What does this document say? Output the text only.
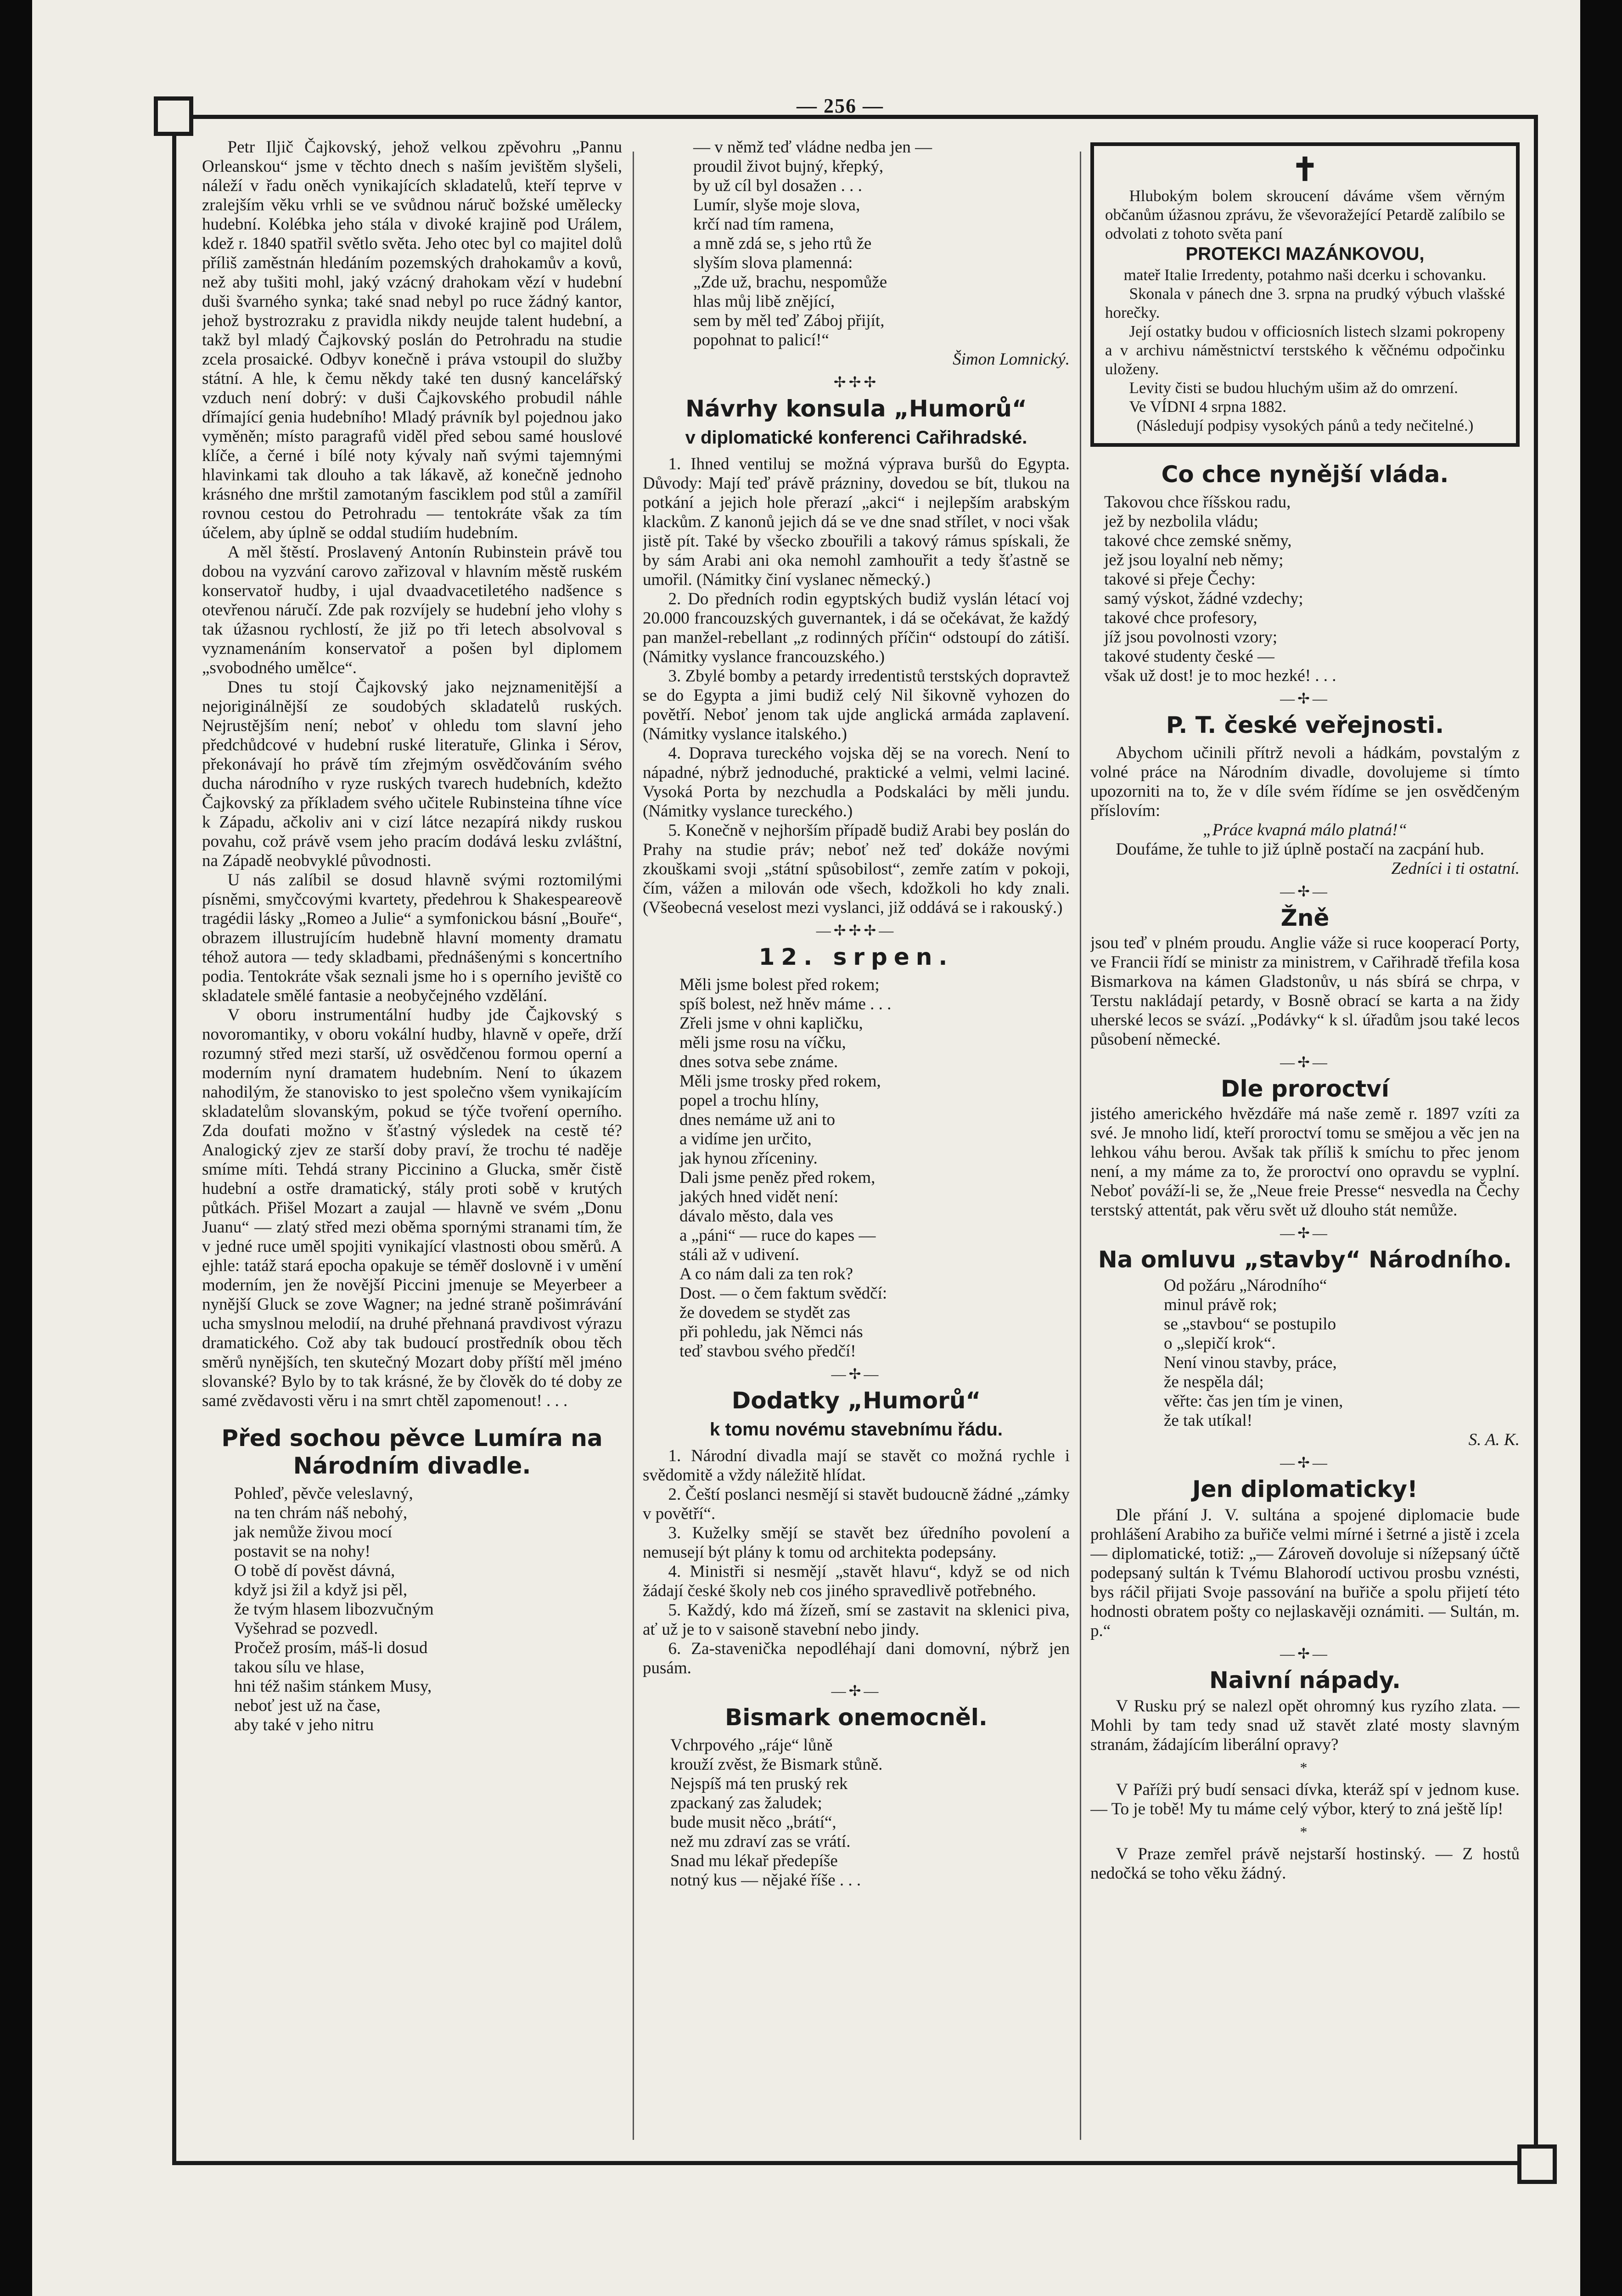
— 256 —

Petr Iljič Čajkovský, jehož velkou zpěvohru „Pannu Orleanskou“ jsme v těchto dnech s naším jevištěm slyšeli, náleží v řadu oněch vynikajících skladatelů, kteří teprve v zralejším věku vrhli se ve svůdnou náruč božské umělecky hudební. Kolébka jeho stála v divoké krajině pod Urálem, kdež r. 1840 spatřil světlo světa. Jeho otec byl co majitel dolů příliš zaměstnán hledáním pozemských drahokamův a kovů, než aby tušiti mohl, jaký vzácný drahokam vězí v hudební duši švarného synka; také snad nebyl po ruce žádný kantor, jehož bystrozraku z pravidla nikdy neujde talent hudební, a takž byl mladý Čajkovský poslán do Petrohradu na studie zcela prosaické. Odbyv konečně i práva vstoupil do služby státní. A hle, k čemu někdy také ten dusný kancelářský vzduch není dobrý: v duši Čajkovského probudil náhle dřímající genia hudebního! Mladý právník byl pojednou jako vyměněn; místo paragrafů viděl před sebou samé houslové klíče, a černé i bílé noty kývaly naň svými tajemnými hlavinkami tak dlouho a tak lákavě, až konečně jednoho krásného dne mrštil zamotaným fasciklem pod stůl a zamířil rovnou cestou do Petrohradu — tentokráte však za tím účelem, aby úplně se oddal studiím hudebním.

A měl štěstí. Proslavený Antonín Rubinstein právě tou dobou na vyzvání carovo zařizoval v hlavním městě ruském konservatoř hudby, i ujal dvaadvacetiletého nadšence s otevřenou náručí. Zde pak rozvíjely se hudební jeho vlohy s tak úžasnou rychlostí, že již po tři letech absolvoval s vyznamenáním konservatoř a pošen byl diplomem „svobodného umělce“.

Dnes tu stojí Čajkovský jako nejznamenitější a nejoriginálnější ze soudobých skladatelů ruských. Nejrustějším není; neboť v ohledu tom slavní jeho předchůdcové v hudební ruské literatuře, Glinka i Sérov, překonávají ho právě tím zřejmým osvědčováním svého ducha národního v ryze ruských tvarech hudebních, kdežto Čajkovský za příkladem svého učitele Rubinsteina tíhne více k Západu, ačkoliv ani v cizí látce nezapírá nikdy ruskou povahu, což právě vsem jeho pracím dodává lesku zvláštní, na Západě neobvyklé původnosti.

U nás zalíbil se dosud hlavně svými roztomilými písněmi, smyčcovými kvartety, předehrou k Shakespeareově tragédii lásky „Romeo a Julie“ a symfonickou básní „Bouře“, obrazem illustrujícím hudebně hlavní momenty dramatu téhož autora — tedy skladbami, přednášenými s koncertního podia. Tentokráte však seznali jsme ho i s operního jeviště co skladatele smělé fantasie a neobyčejného vzdělání.

V oboru instrumentální hudby jde Čajkovský s novoromantiky, v oboru vokální hudby, hlavně v opeře, drží rozumný střed mezi starší, už osvědčenou formou operní a moderním nyní dramatem hudebním. Není to úkazem nahodilým, že stanovisko to jest společno všem vynikajícím skladatelům slovanským, pokud se týče tvoření operního. Zda doufati možno v šťastný výsledek na cestě té? Analogický zjev ze starší doby praví, že trochu té naděje smíme míti. Tehdá strany Piccinino a Glucka, směr čistě hudební a ostře dramatický, stály proti sobě v krutých půtkách. Přišel Mozart a zaujal — hlavně ve svém „Donu Juanu“ — zlatý střed mezi oběma spornými stranami tím, že v jedné ruce uměl spojiti vynikající vlastnosti obou směrů. A ejhle: tatáž stará epocha opakuje se téměř doslovně i v umění moderním, jen že novější Piccini jmenuje se Meyerbeer a nynější Gluck se zove Wagner; na jedné straně pošimrávání ucha smyslnou melodií, na druhé přehnaná pravdivost výrazu dramatického. Což aby tak budoucí prostředník obou těch směrů nynějších, ten skutečný Mozart doby příští měl jméno slovanské? Bylo by to tak krásné, že by člověk do té doby ze samé zvědavosti věru i na smrt chtěl zapomenout! . . .

Před sochou pěvce Lumíra na Národním divadle.
Pohleď, pěvče veleslavný,
na ten chrám náš nebohý,
jak nemůže živou mocí
postavit se na nohy!
O tobě dí pověst dávná,
když jsi žil a když jsi pěl,
že tvým hlasem libozvučným
Vyšehrad se pozvedl.
Pročež prosím, máš-li dosud
takou sílu ve hlase,
hni též našim stánkem Musy,
neboť jest už na čase,
aby také v jeho nitru
— v němž teď vládne nedba jen —
proudil život bujný, křepký,
by už cíl byl dosažen . . .
Lumír, slyše moje slova,
krčí nad tím ramena,
a mně zdá se, s jeho rtů že
slyším slova plamenná:
„Zde už, brachu, nespomůže
hlas můj libě znějící,
sem by měl teď Záboj přijít,
popohnat to palicí!“
Šimon Lomnický.
✢✢✢
Návrhy konsula „Humorů“
v diplomatické konferenci Cařihradské.

1. Ihned ventiluj se možná výprava buršů do Egypta. Důvody: Mají teď právě prázniny, dovedou se bít, tlukou na potkání a jejich hole přerazí „akci“ i nejlepším arabským klackům. Z kanonů jejich dá se ve dne snad střílet, v noci však jistě pít. Také by všecko zbouřili a takový rámus spískali, že by sám Arabi ani oka nemohl zamhouřit a tedy šťastně se umořil. (Námitky činí vyslanec německý.)

2. Do předních rodin egyptských budiž vyslán létací voj 20.000 francouzských guvernantek, i dá se očekávat, že každý pan manžel-rebellant „z rodinných příčin“ odstoupí do zátiší. (Námitky vyslance francouzského.)

3. Zbylé bomby a petardy irredentistů terstských dopravtež se do Egypta a jimi budiž celý Nil šikovně vyhozen do povětří. Neboť jenom tak ujde anglická armáda zaplavení. (Námitky vyslance italského.)

4. Doprava tureckého vojska děj se na vorech. Není to nápadné, nýbrž jednoduché, praktické a velmi, velmi laciné. Vysoká Porta by nezchudla a Podskaláci by měli jundu. (Námitky vyslance tureckého.)

5. Konečně v nejhorším případě budiž Arabi bey poslán do Prahy na studie práv; neboť než teď dokáže novými zkouškami svoji „státní spůsobilost“, zemře zatím v pokoji, čím, vážen a milován ode všech, kdožkoli ho kdy znali. (Všeobecná veselost mezi vyslanci, již oddává se i rakouský.)

—✢✢✢—
12. srpen.
Měli jsme bolest před rokem;
spíš bolest, než hněv máme . . .
Zřeli jsme v ohni kapličku,
měli jsme rosu na víčku,
dnes sotva sebe známe.
Měli jsme trosky před rokem,
popel a trochu hlíny,
dnes nemáme už ani to
a vidíme jen určito,
jak hynou zříceniny.
Dali jsme peněz před rokem,
jakých hned vidět není:
dávalo město, dala ves
a „páni“ — ruce do kapes —
stáli až v udivení.
A co nám dali za ten rok?
Dost. — o čem faktum svědčí:
že dovedem se stydět zas
při pohledu, jak Němci nás
teď stavbou svého předčí!
—✢—
Dodatky „Humorů“
k tomu novému stavebnímu řádu.

1. Národní divadla mají se stavět co možná rychle i svědomitě a vždy náležitě hlídat.

2. Čeští poslanci nesmějí si stavět budoucně žádné „zámky v povětří“.

3. Kuželky smějí se stavět bez úředního povolení a nemusejí být plány k tomu od architekta podepsány.

4. Ministři si nesmějí „stavět hlavu“, když se od nich žádají české školy neb cos jiného spravedlivě potřebného.

5. Každý, kdo má žízeň, smí se zastavit na sklenici piva, ať už je to v saisoně stavební nebo jindy.

6. Za-stavenička nepodléhají dani domovní, nýbrž jen pusám.

—✢—
Bismark onemocněl.
Vchrpového „ráje“ lůně
krouží zvěst, že Bismark stůně.
Nejspíš má ten pruský rek
zpackaný zas žaludek;
bude musit něco „brátí“,
než mu zdraví zas se vrátí.
Snad mu lékař předepíše
notný kus — nějaké říše . . .
✝

Hlubokým bolem skroucení dáváme všem věrným občanům úžasnou zprávu, že vševoražející Petardě zalíbilo se odvolati z tohoto světa paní

PROTEKCI MAZÁNKOVOU,

mateř Italie Irredenty, potahmo naši dcerku i schovanku.

Skonala v pánech dne 3. srpna na prudký výbuch vlašské horečky.

Její ostatky budou v officiosních listech slzami pokropeny a v archivu náměstnictví terstského k věčnému odpočinku uloženy.

Levity čisti se budou hluchým ušim až do omrzení.

Ve VÍDNI 4 srpna 1882.

(Následují podpisy vysokých pánů a tedy nečitelné.)

Co chce nynější vláda.
Takovou chce říšskou radu,
jež by nezbolila vládu;
takové chce zemské sněmy,
jež jsou loyalní neb němy;
takové si přeje Čechy:
samý výskot, žádné vzdechy;
takové chce profesory,
jíž jsou povolnosti vzory;
takové studenty české —
však už dost! je to moc hezké! . . .
—✢—
P. T. české veřejnosti.

Abychom učinili přítrž nevoli a hádkám, povstalým z volné práce na Národním divadle, dovolujeme si tímto upozorniti na to, že v díle svém řídíme se jen osvědčeným příslovím:

„Práce kvapná málo platná!“

Doufáme, že tuhle to již úplně postačí na zacpání hub.

Zedníci i ti ostatní.
—✢—
Žně

jsou teď v plném proudu. Anglie váže si ruce kooperací Porty, ve Francii řídí se ministr za ministrem, v Cařihradě třefila kosa Bismarkova na kámen Gladstonův, u nás sbírá se chrpa, v Terstu nakládají petardy, v Bosně obrací se karta a na židy uherské lecos se svází. „Podávky“ k sl. úřadům jsou také lecos působení německé.

—✢—
Dle proroctví

jistého amerického hvězdáře má naše země r. 1897 vzíti za své. Je mnoho lidí, kteří proroctví tomu se smějou a věc jen na lehkou váhu berou. Avšak tak příliš k smíchu to přec jenom není, a my máme za to, že proroctví ono opravdu se vyplní. Neboť pováží-li se, že „Neue freie Presse“ nesvedla na Čechy terstský attentát, pak věru svět už dlouho stát nemůže.

—✢—
Na omluvu „stavby“ Národního.
Od požáru „Národního“
minul právě rok;
se „stavbou“ se postupilo
o „slepičí krok“.
Není vinou stavby, práce,
že nespěla dál;
věřte: čas jen tím je vinen,
že tak utíkal!
S. A. K.
—✢—
Jen diplomaticky!

Dle přání J. V. sultána a spojené diplomacie bude prohlášení Arabiho za buřiče velmi mírné i šetrné a jistě i zcela — diplomatické, totiž: „— Zároveň dovoluje si nížepsaný účtě podepsaný sultán k Tvému Blahorodí uctivou prosbu vznésti, bys ráčil přijati Svoje passování na buřiče a spolu přijetí této hodnosti obratem pošty co nejlaskavěji oznámiti. — Sultán, m. p.“

—✢—
Naivní nápady.

V Rusku prý se nalezl opět ohromný kus ryzího zlata. — Mohli by tam tedy snad už stavět zlaté mosty slavným stranám, žádajícím liberální opravy?

*

V Paříži prý budí sensaci dívka, kteráž spí v jednom kuse. — To je tobě! My tu máme celý výbor, který to zná ještě líp!

*

V Praze zemřel právě nejstarší hostinský. — Z hostů nedočká se toho věku žádný.
